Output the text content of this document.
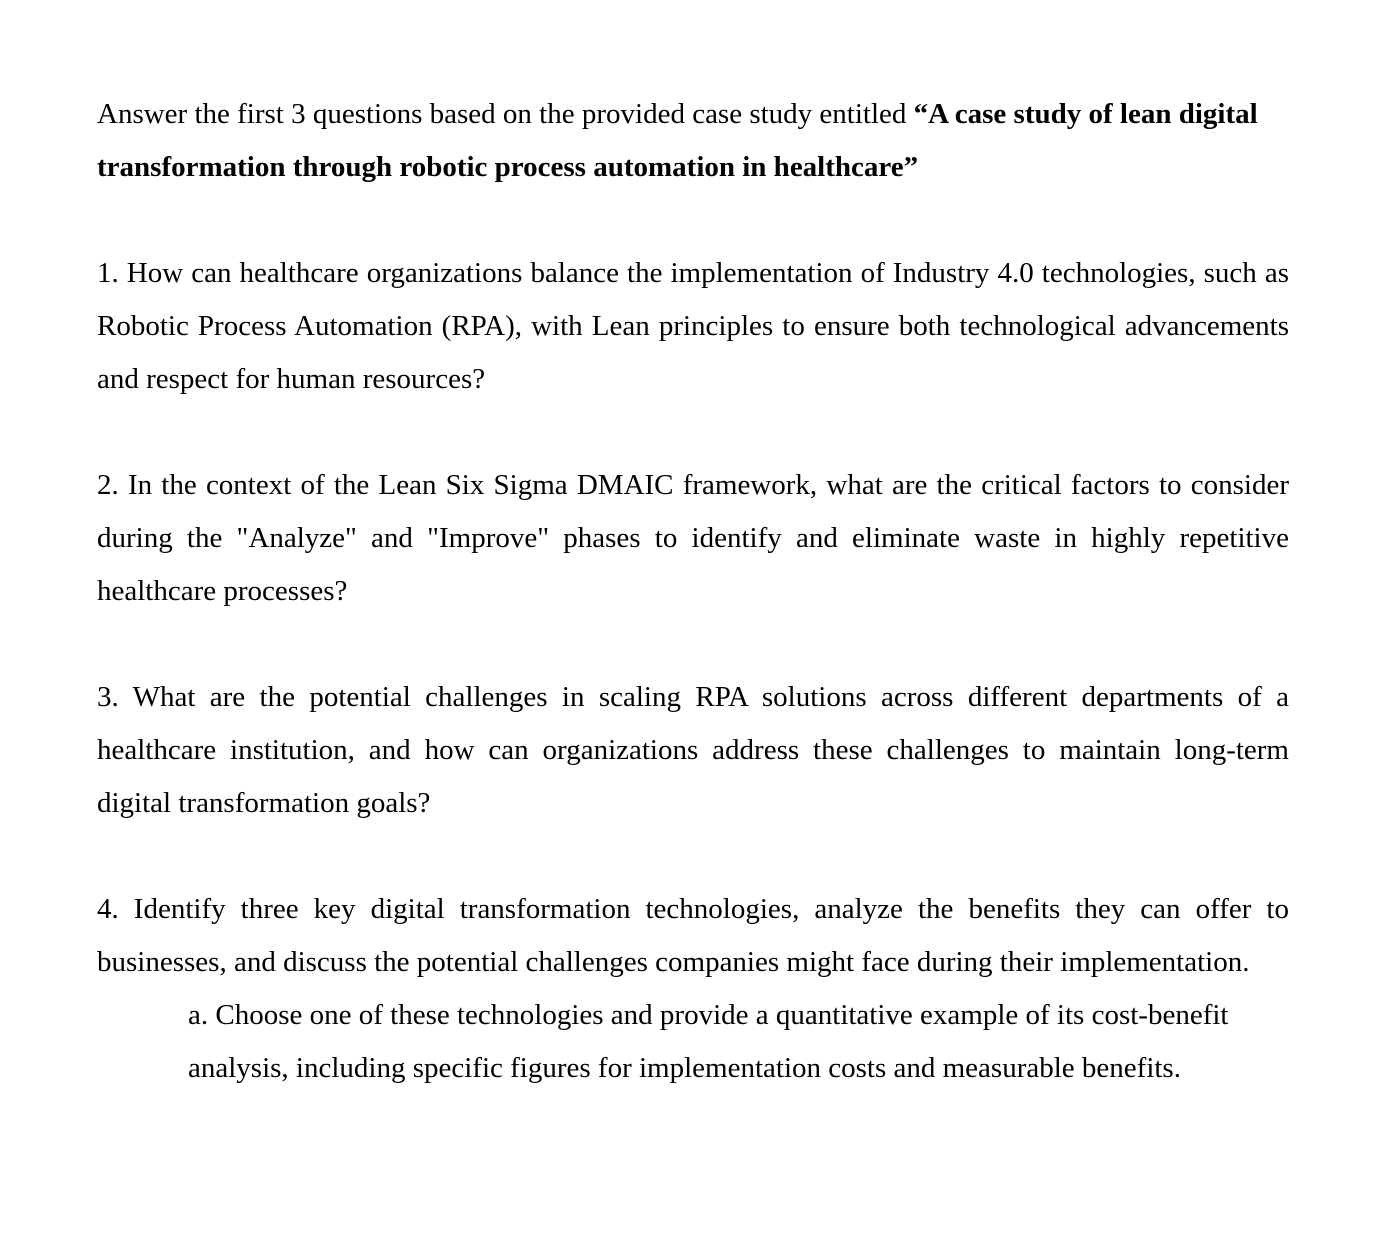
Answer the first 3 questions based on the provided case study entitled “A case study of lean digital transformation through robotic process automation in healthcare”

1. How can healthcare organizations balance the implementation of Industry 4.0 technologies, such as Robotic Process Automation (RPA), with Lean principles to ensure both technological advancements and respect for human resources?

2. In the context of the Lean Six Sigma DMAIC framework, what are the critical factors to consider during the "Analyze" and "Improve" phases to identify and eliminate waste in highly repetitive healthcare processes?

3. What are the potential challenges in scaling RPA solutions across different departments of a healthcare institution, and how can organizations address these challenges to maintain long-term digital transformation goals?

4. Identify three key digital transformation technologies, analyze the benefits they can offer to businesses, and discuss the potential challenges companies might face during their implementation.

a. Choose one of these technologies and provide a quantitative example of its cost-benefit analysis, including specific figures for implementation costs and measurable benefits.
